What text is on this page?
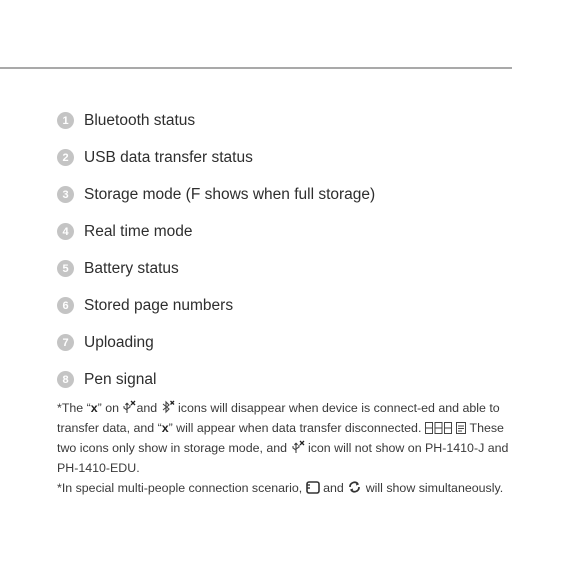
1 Bluetooth status
2 USB data transfer status
3 Storage mode (F shows when full storage)
4 Real time mode
5 Battery status
6 Stored page numbers
7 Uploading
8 Pen signal

*The “x” on
and
icons will disappear when device is connect-ed and able to transfer data, and “x” will appear when data transfer disconnected.
	These two icons only show in storage mode, and
icon will not show on PH-1410-J and PH-1410-EDU.

*In special multi-people connection scenario,
and
will show simultaneously.
